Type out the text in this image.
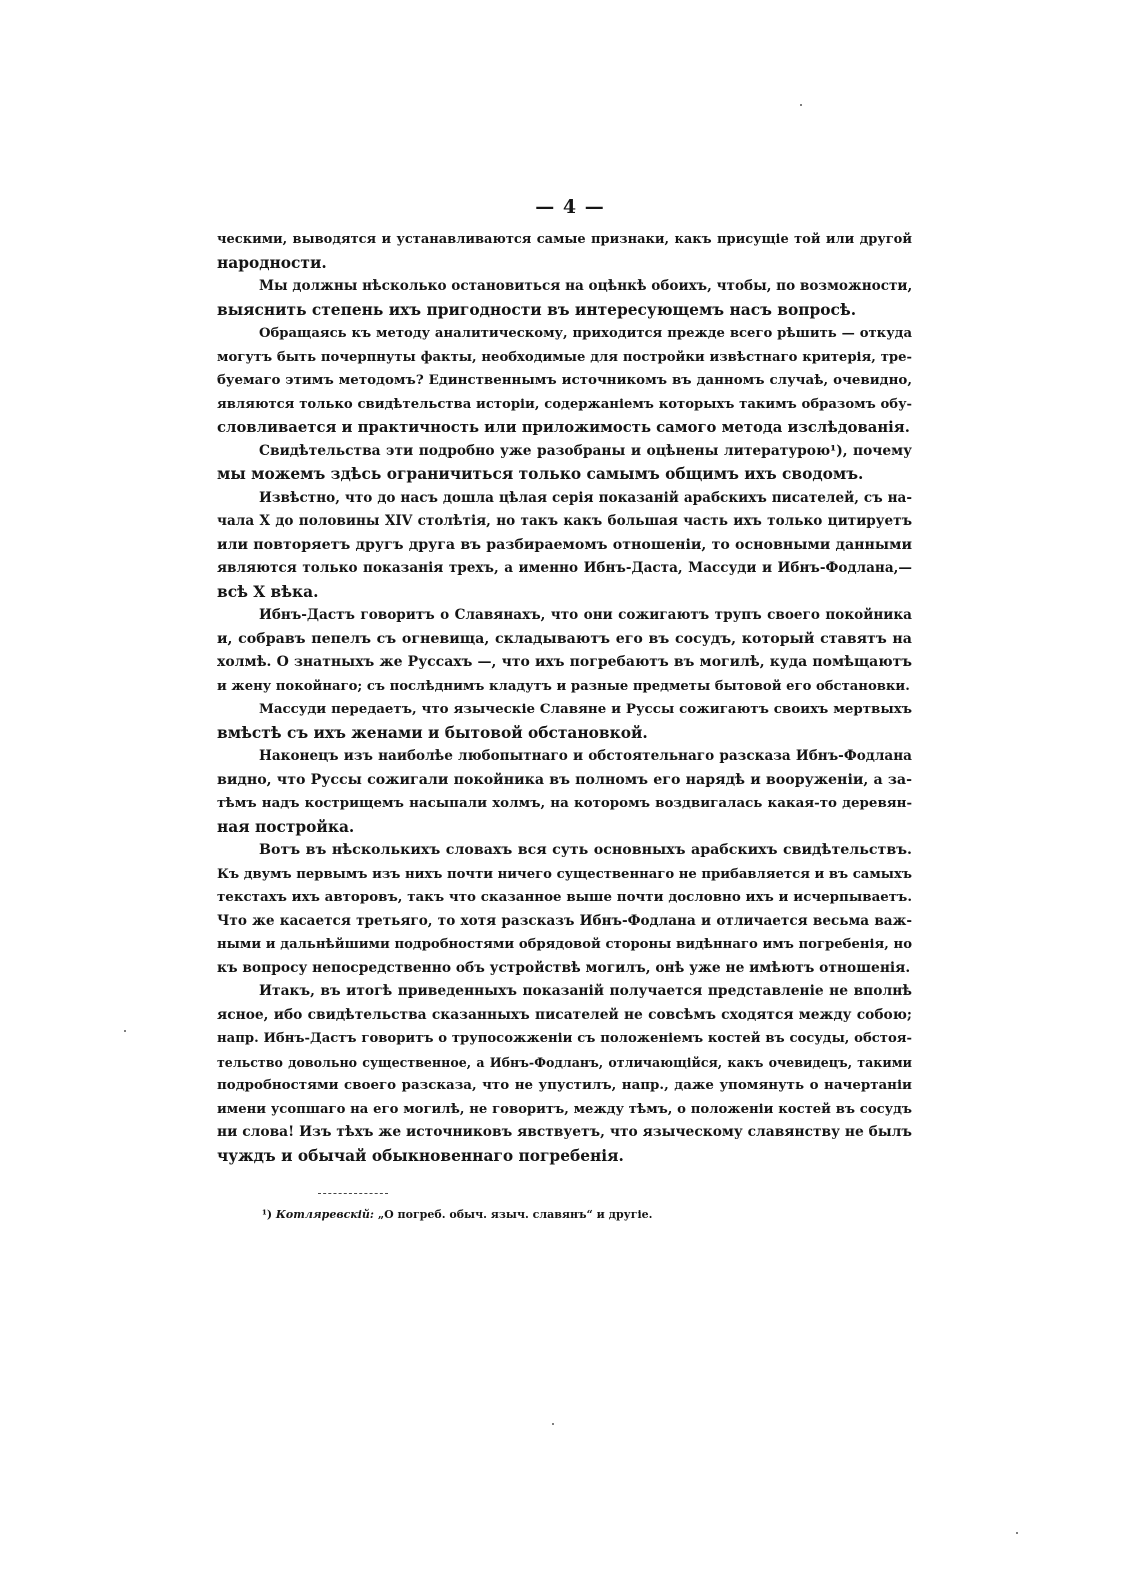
— 4 —
ческими, выводятся и устанавливаются самые признаки, какъ присущіе той или другой
народности.
Мы должны нѣсколько остановиться на оцѣнкѣ обоихъ, чтобы, по возможности,
выяснить степень ихъ пригодности въ интересующемъ насъ вопросѣ.
Обращаясь къ методу аналитическому, приходится прежде всего рѣшить — откуда
могутъ быть почерпнуты факты, необходимые для постройки извѣстнаго критерія, тре-
буемаго этимъ методомъ? Единственнымъ источникомъ въ данномъ случаѣ, очевидно,
являются только свидѣтельства исторіи, содержаніемъ которыхъ такимъ образомъ обу-
словливается и практичность или приложимость самого метода изслѣдованія.
Свидѣтельства эти подробно уже разобраны и оцѣнены литературою¹), почему
мы можемъ здѣсь ограничиться только самымъ общимъ ихъ сводомъ.
Извѣстно, что до насъ дошла цѣлая серія показаній арабскихъ писателей, съ на-
чала X до половины XIV столѣтія, но такъ какъ большая часть ихъ только цитируетъ
или повторяетъ другъ друга въ разбираемомъ отношеніи, то основными данными
являются только показанія трехъ, а именно Ибнъ-Даста, Массуди и Ибнъ-Фодлана,—
всѣ X вѣка.
Ибнъ-Дастъ говоритъ о Славянахъ, что они сожигаютъ трупъ своего покойника
и, собравъ пепелъ съ огневища, складываютъ его въ сосудъ, который ставятъ на
холмѣ. О знатныхъ же Руссахъ —, что ихъ погребаютъ въ могилѣ, куда помѣщаютъ
и жену покойнаго; съ послѣднимъ кладутъ и разные предметы бытовой его обстановки.
Массуди передаетъ, что языческіе Славяне и Руссы сожигаютъ своихъ мертвыхъ
вмѣстѣ съ ихъ женами и бытовой обстановкой.
Наконецъ изъ наиболѣе любопытнаго и обстоятельнаго разсказа Ибнъ-Фодлана
видно, что Руссы сожигали покойника въ полномъ его нарядѣ и вооруженіи, а за-
тѣмъ надъ кострищемъ насыпали холмъ, на которомъ воздвигалась какая-то деревян-
ная постройка.
Вотъ въ нѣсколькихъ словахъ вся суть основныхъ арабскихъ свидѣтельствъ.
Къ двумъ первымъ изъ нихъ почти ничего существеннаго не прибавляется и въ самыхъ
текстахъ ихъ авторовъ, такъ что сказанное выше почти дословно ихъ и исчерпываетъ.
Что же касается третьяго, то хотя разсказъ Ибнъ-Фодлана и отличается весьма важ-
ными и дальнѣйшими подробностями обрядовой стороны видѣннаго имъ погребенія, но
къ вопросу непосредственно объ устройствѣ могилъ, онѣ уже не имѣютъ отношенія.
Итакъ, въ итогѣ приведенныхъ показаній получается представленіе не вполнѣ
ясное, ибо свидѣтельства сказанныхъ писателей не совсѣмъ сходятся между собою;
напр. Ибнъ-Дастъ говоритъ о трупосожженіи съ положеніемъ костей въ сосуды, обстоя-
тельство довольно существенное, а Ибнъ-Фодланъ, отличающійся, какъ очевидецъ, такими
подробностями своего разсказа, что не упустилъ, напр., даже упомянуть о начертаніи
имени усопшаго на его могилѣ, не говоритъ, между тѣмъ, о положеніи костей въ сосудъ
ни слова! Изъ тѣхъ же источниковъ явствуетъ, что языческому славянству не былъ
чуждъ и обычай обыкновеннаго погребенія.
¹) Котляревскій: „О погреб. обыч. языч. славянъ“ и другіе.
